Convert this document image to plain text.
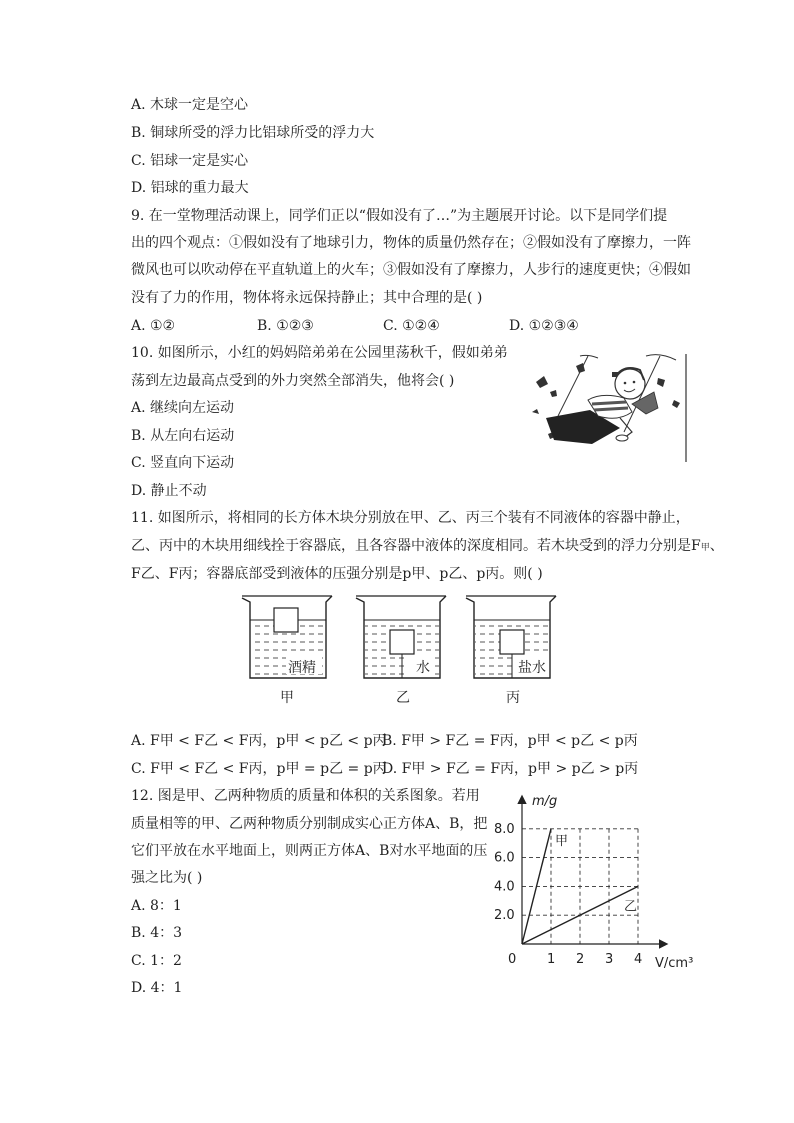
A. 木球一定是空心
B. 铜球所受的浮力比铝球所受的浮力大
C. 铝球一定是实心
D. 铝球的重力最大
9. 在一堂物理活动课上，同学们正以“假如没有了…”为主题展开讨论。以下是同学们提
出的四个观点：①假如没有了地球引力，物体的质量仍然存在；②假如没有了摩擦力，一阵
微风也可以吹动停在平直轨道上的火车；③假如没有了摩擦力，人步行的速度更快；④假如
没有了力的作用，物体将永远保持静止；其中合理的是( )
A. ①②	B. ①②③	C. ①②④	D. ①②③④
10. 如图所示，小红的妈妈陪弟弟在公园里荡秋千，假如弟弟
荡到左边最高点受到的外力突然全部消失，他将会( )
A. 继续向左运动
B. 从左向右运动
C. 竖直向下运动
D. 静止不动
11. 如图所示，将相同的长方体木块分别放在甲、乙、丙三个装有不同液体的容器中静止，
乙、丙中的木块用细线拴于容器底，且各容器中液体的深度相同。若木块受到的浮力分别是F甲、
F乙、F丙；容器底部受到液体的压强分别是p甲、p乙、p丙。则( )
酒精	水	盐水
甲	乙	丙
A. F甲 < F乙 < F丙，p甲 < p乙 < p丙
B. F甲 > F乙 = F丙，p甲 < p乙 < p丙
C. F甲 < F乙 < F丙，p甲 = p乙 = p丙
D. F甲 > F乙 = F丙，p甲 > p乙 > p丙
12. 图是甲、乙两种物质的质量和体积的关系图象。若用
质量相等的甲、乙两种物质分别制成实心正方体A、B，把
它们平放在水平地面上，则两正方体A、B对水平地面的压
强之比为( )
A. 8：1
B. 4：3
C. 1：2
D. 4：1
甲
乙
0 1 2 3 4
2.0
4.0
6.0
8.0
m/g
V/cm³
